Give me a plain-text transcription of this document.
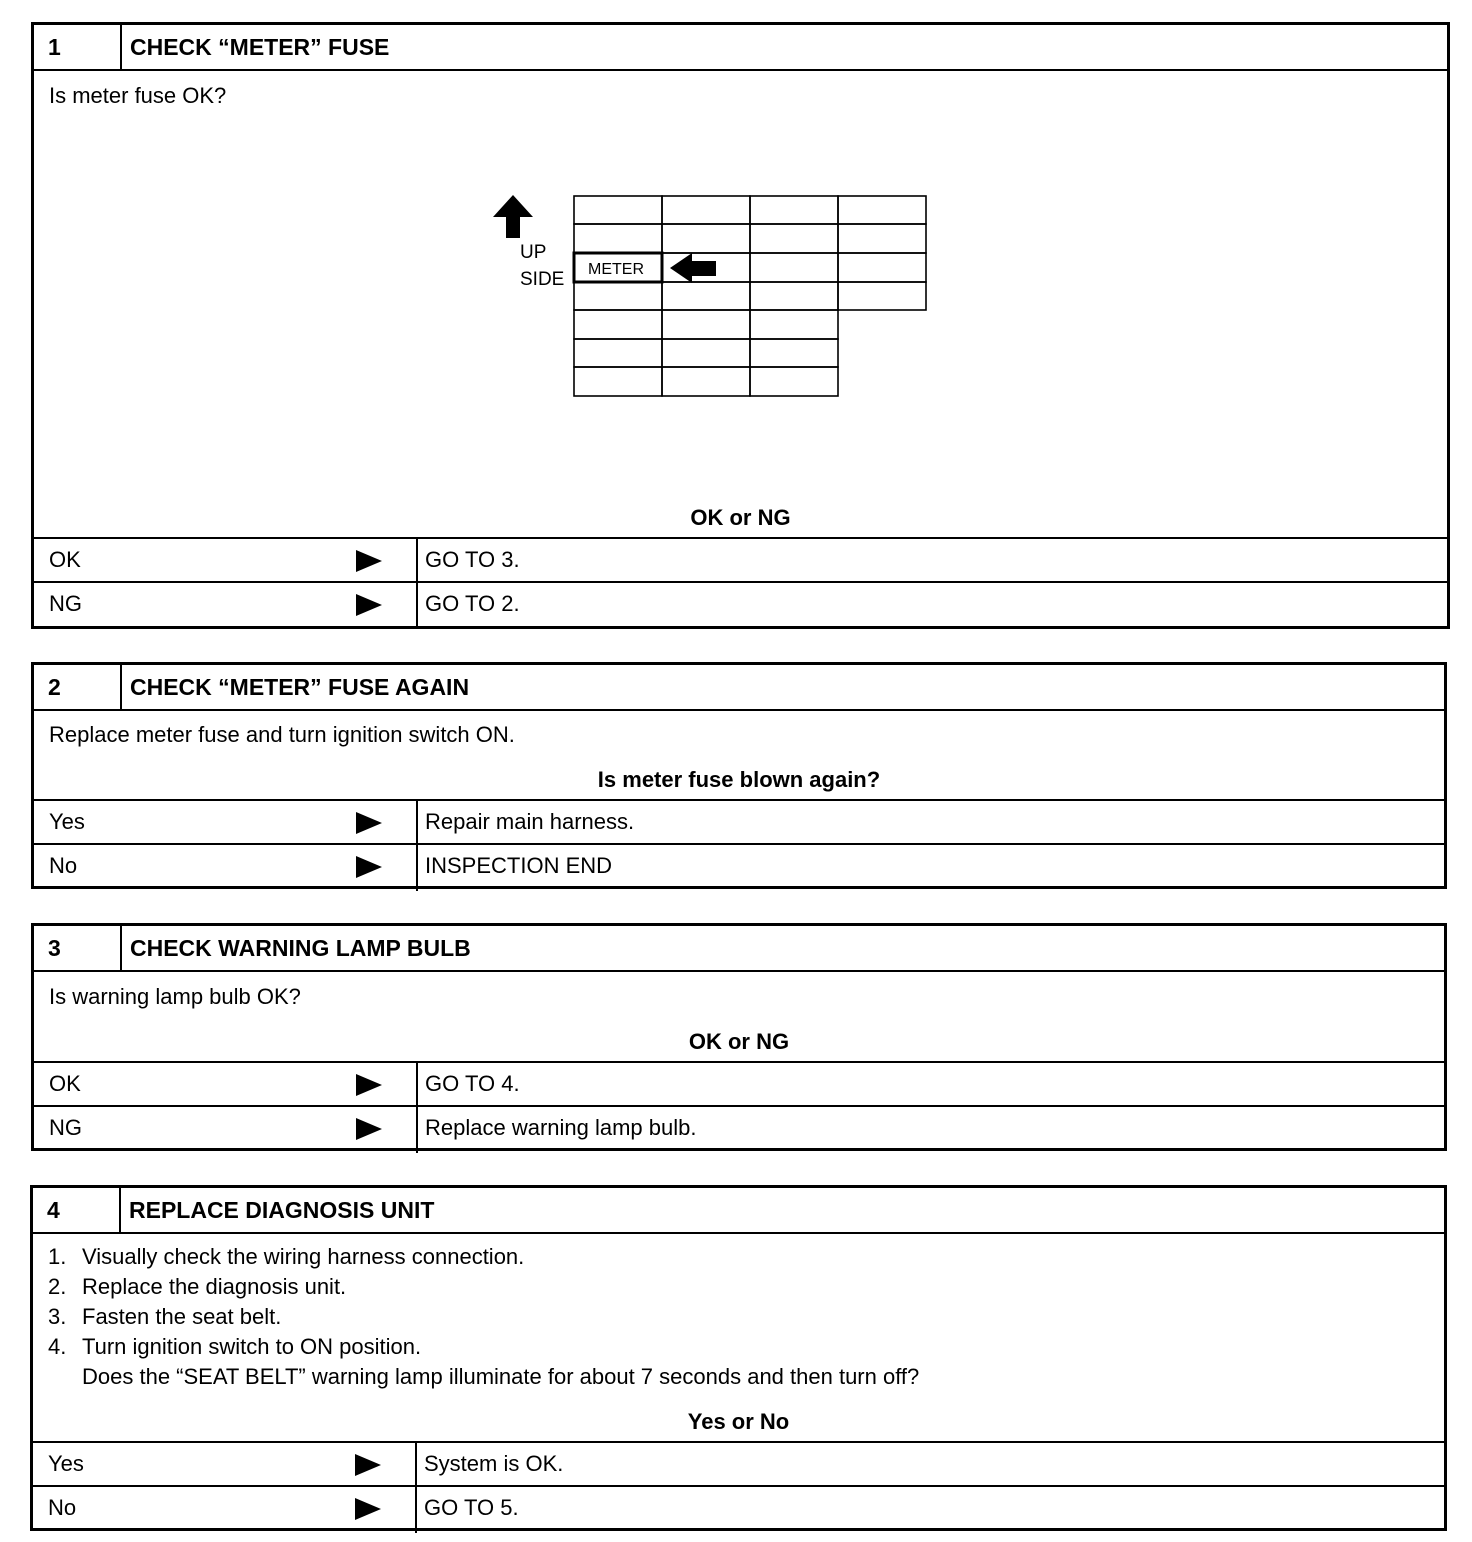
1	CHECK “METER” FUSE
Is meter fuse OK?
UP
SIDE METER
OK or NG
OK	GO TO 3.
NG	GO TO 2.
2	CHECK “METER” FUSE AGAIN
Replace meter fuse and turn ignition switch ON.
Is meter fuse blown again?
Yes	Repair main harness.
No	INSPECTION END
3	CHECK WARNING LAMP BULB
Is warning lamp bulb OK?
OK or NG
OK	GO TO 4.
NG	Replace warning lamp bulb.
4	REPLACE DIAGNOSIS UNIT
1. Visually check the wiring harness connection.
2. Replace the diagnosis unit.
3. Fasten the seat belt.
4. Turn ignition switch to ON position.
Does the “SEAT BELT” warning lamp illuminate for about 7 seconds and then turn off?
Yes or No
Yes	System is OK.
No	GO TO 5.
